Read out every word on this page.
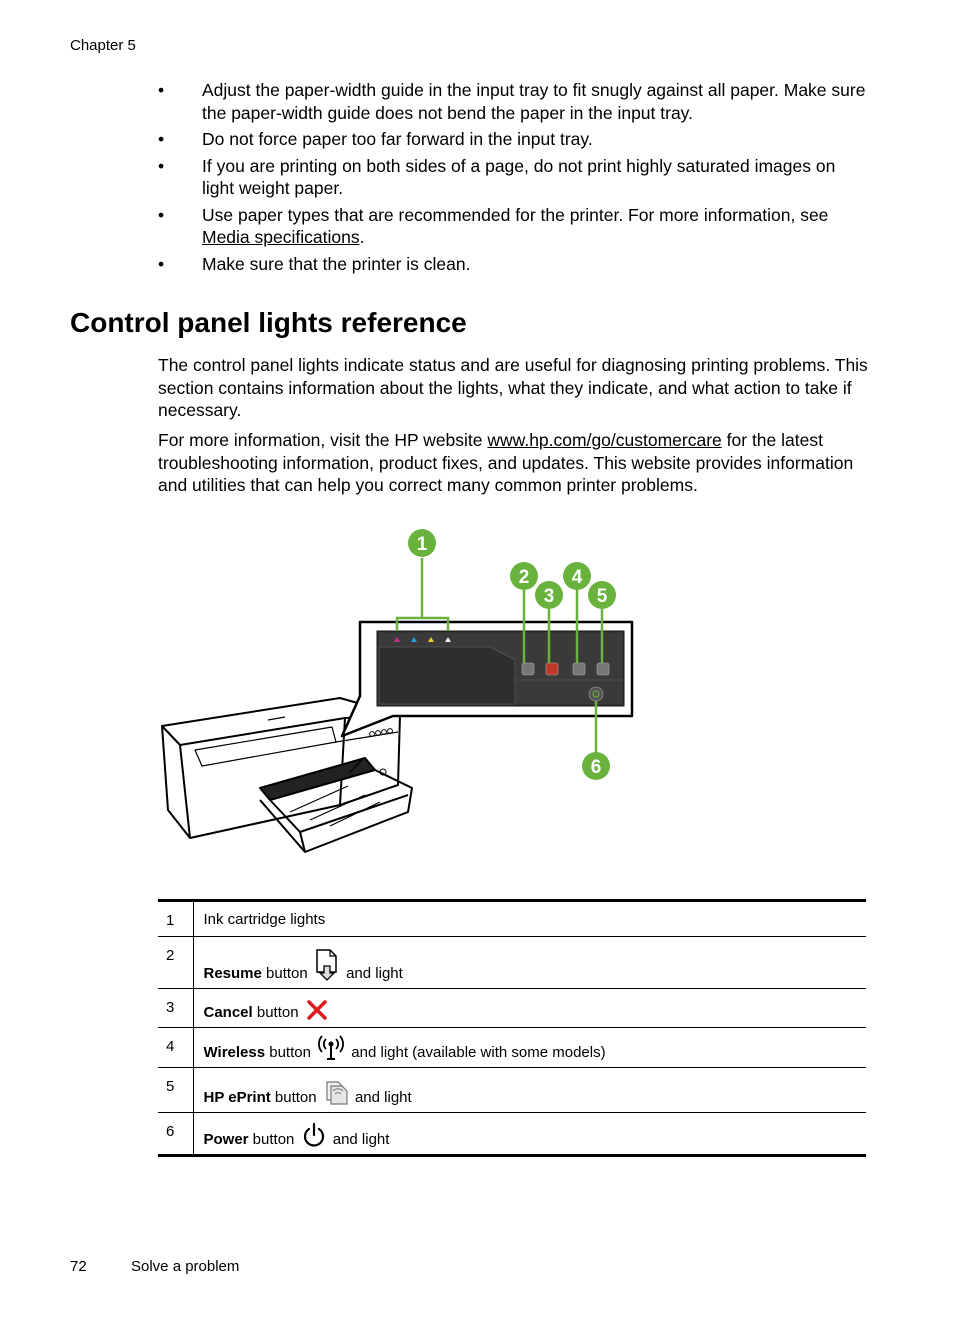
Chapter 5
• Adjust the paper-width guide in the input tray to fit snugly against all paper. Make sure the paper-width guide does not bend the paper in the input tray.
• Do not force paper too far forward in the input tray.
• If you are printing on both sides of a page, do not print highly saturated images on light weight paper.
• Use paper types that are recommended for the printer. For more information, see Media specifications.
• Make sure that the printer is clean.
Control panel lights reference

The control panel lights indicate status and are useful for diagnosing printing problems. This section contains information about the lights, what they indicate, and what action to take if necessary.

For more information, visit the HP website www.hp.com/go/customercare for the latest troubleshooting information, product fixes, and updates. This website provides information and utilities that can help you correct many common printer problems.

1
2
3
4
5
6
1	Ink cartridge lights
2	Resume button and light
3	Cancel button
4	Wireless button and light (available with some models)
5	HP ePrint button and light
6	Power button and light
72	Solve a problem
